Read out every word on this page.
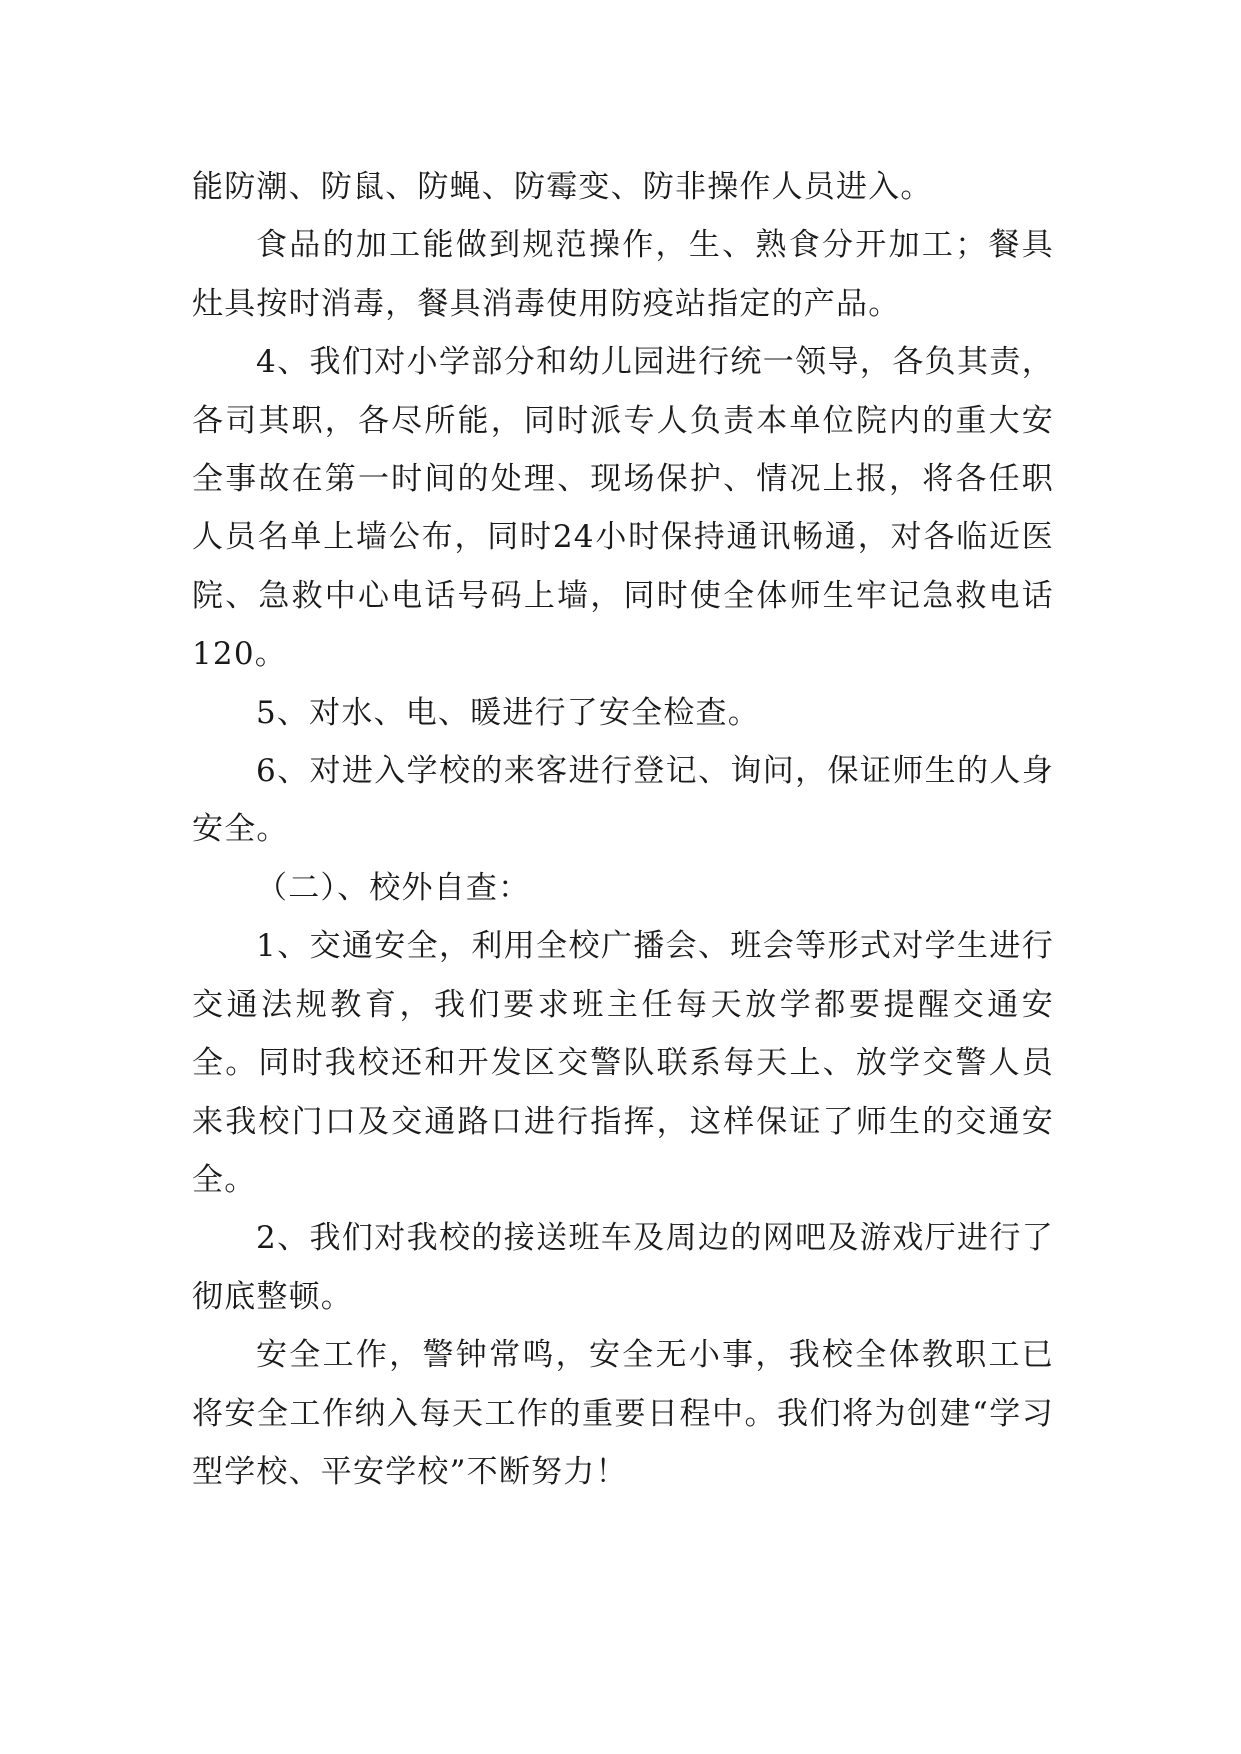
能防潮、防鼠、防蝇、防霉变、防非操作人员进入。

食品的加工能做到规范操作，生、熟食分开加工；餐具灶具按时消毒，餐具消毒使用防疫站指定的产品。

4、我们对小学部分和幼儿园进行统一领导，各负其责，各司其职，各尽所能，同时派专人负责本单位院内的重大安全事故在第一时间的处理、现场保护、情况上报，将各任职人员名单上墙公布，同时24小时保持通讯畅通，对各临近医院、急救中心电话号码上墙，同时使全体师生牢记急救电话120。

5、对水、电、暖进行了安全检查。

6、对进入学校的来客进行登记、询问，保证师生的人身安全。

（二）、校外自查：

1、交通安全，利用全校广播会、班会等形式对学生进行交通法规教育，我们要求班主任每天放学都要提醒交通安全。同时我校还和开发区交警队联系每天上、放学交警人员来我校门口及交通路口进行指挥，这样保证了师生的交通安全。

2、我们对我校的接送班车及周边的网吧及游戏厅进行了彻底整顿。

安全工作，警钟常鸣，安全无小事，我校全体教职工已将安全工作纳入每天工作的重要日程中。我们将为创建“学习型学校、平安学校”不断努力！
